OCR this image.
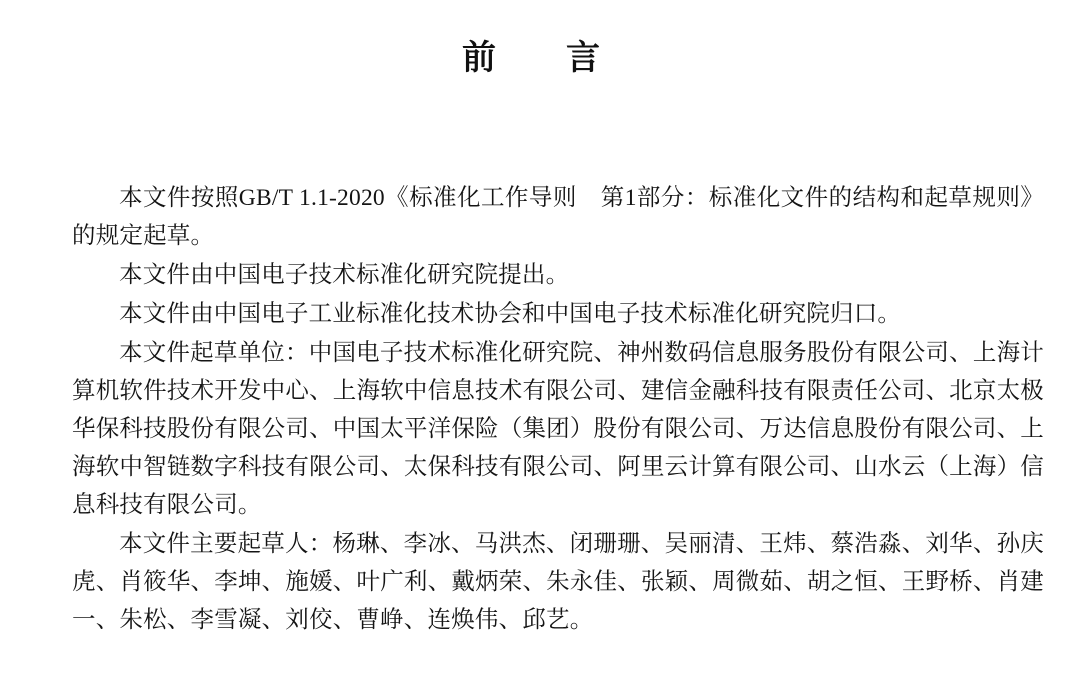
前　言

本文件按照GB/T 1.1-2020《标准化工作导则　第1部分：标准化文件的结构和起草规则》的规定起草。

本文件由中国电子技术标准化研究院提出。

本文件由中国电子工业标准化技术协会和中国电子技术标准化研究院归口。

本文件起草单位：中国电子技术标准化研究院、神州数码信息服务股份有限公司、上海计算机软件技术开发中心、上海软中信息技术有限公司、建信金融科技有限责任公司、北京太极华保科技股份有限公司、中国太平洋保险（集团）股份有限公司、万达信息股份有限公司、上海软中智链数字科技有限公司、太保科技有限公司、阿里云计算有限公司、山水云（上海）信息科技有限公司。

本文件主要起草人：杨琳、李冰、马洪杰、闭珊珊、吴丽清、王炜、蔡浩淼、刘华、孙庆虎、肖筱华、李坤、施媛、叶广利、戴炳荣、朱永佳、张颖、周微茹、胡之恒、王野桥、肖建一、朱松、李雪凝、刘佼、曹峥、连焕伟、邱艺。
